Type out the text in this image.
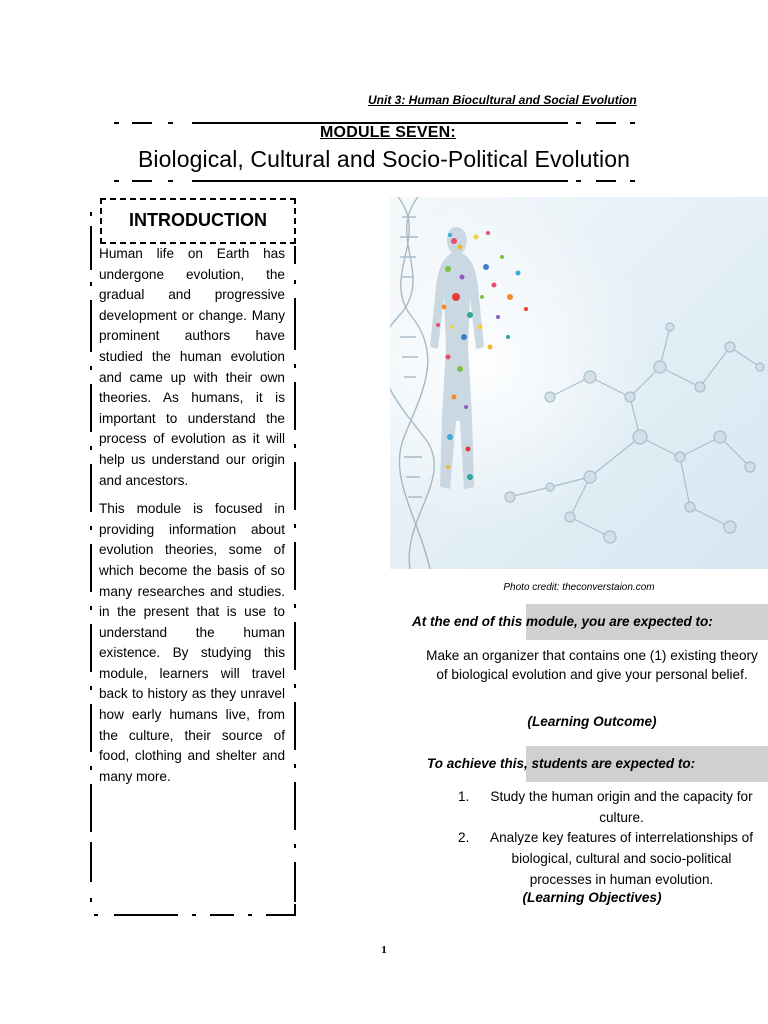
Unit 3: Human Biocultural and Social Evolution
MODULE SEVEN:
Biological, Cultural and Socio-Political Evolution
INTRODUCTION

Human life on Earth has undergone evolution, the gradual and progressive development or change. Many prominent authors have studied the human evolution and came up with their own theories. As humans, it is important to understand the process of evolution as it will help us understand our origin and ancestors.

This module is focused in providing information about evolution theories, some of which become the basis of so many researches and studies. in the present that is use to understand the human existence. By studying this module, learners will travel back to history as they unravel how early humans live, from the culture, their source of food, clothing and shelter and many more.

Photo credit: theconverstaion.com
At the end of this module, you are expected to:
Make an organizer that contains one (1) existing theory of biological evolution and give your personal belief.
(Learning Outcome)
To achieve this, students are expected to:
1.	Study the human origin and the capacity for culture.
2.	Analyze key features of interrelationships of biological, cultural and socio-political processes in human evolution.
(Learning Objectives)
1
